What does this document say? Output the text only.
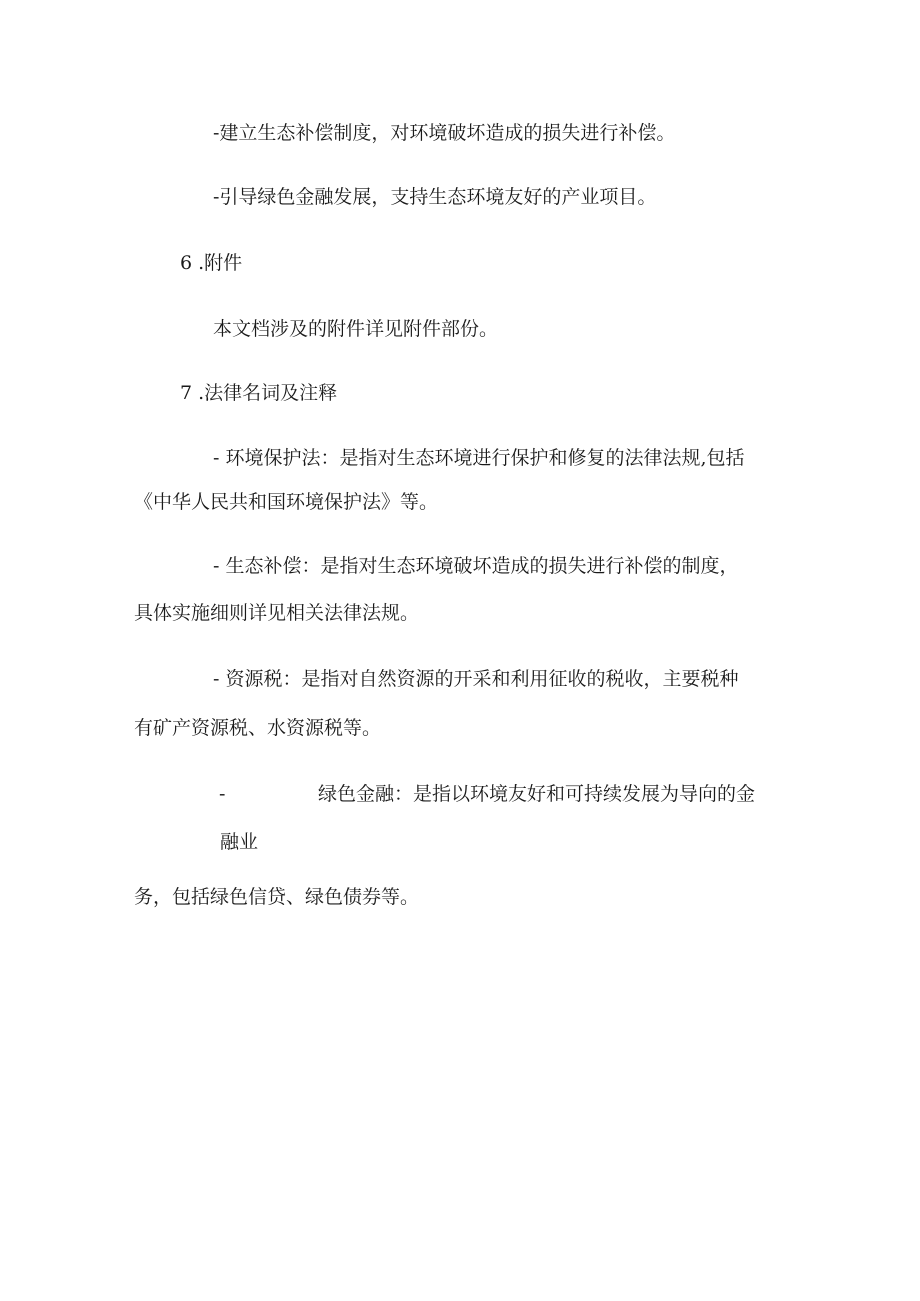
-建立生态补偿制度，对环境破坏造成的损失进行补偿。
-引导绿色金融发展，支持生态环境友好的产业项目。
6 .附件
本文档涉及的附件详见附件部份。
7 .法律名词及注释
- 环境保护法：是指对生态环境进行保护和修复的法律法规,包括
《中华人民共和国环境保护法》等。
- 生态补偿：是指对生态环境破坏造成的损失进行补偿的制度，
具体实施细则详见相关法律法规。
- 资源税：是指对自然资源的开采和利用征收的税收，主要税种
有矿产资源税、水资源税等。
-	绿色金融：是指以环境友好和可持续发展为导向的金
融业
务，包括绿色信贷、绿色债券等。
